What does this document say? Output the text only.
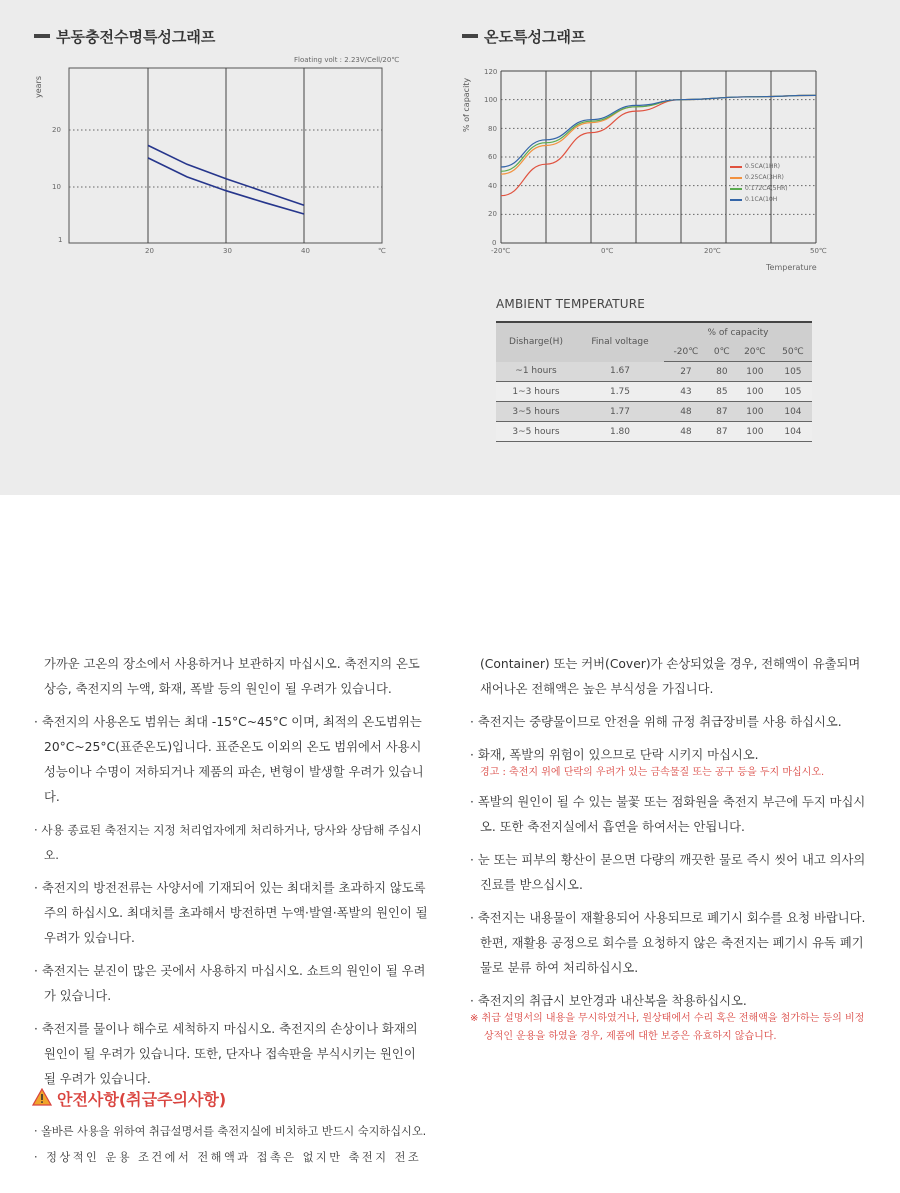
부동충전수명특성그래프
Floating volt : 2.23V/Cell/20℃
years
20
10
1
20	30	40	℃
온도특성그래프
% of capacity
120
100
80
60
40
20
0
-20℃	0℃	20℃	50℃
Temperature
0.5CA(1HR)
0.25CA(3HR)
0.172CA(5HR)
0.1CA(10H
AMBIENT TEMPERATURE
Disharge(H)	Final voltage	% of capacity			
		-20℃	0℃	20℃	50℃
~1 hours	1.67	27	80	100	105
1~3 hours	1.75	43	85	100	105
3~5 hours	1.77	48	87	100	104
3~5 hours	1.80	48	87	100	104

가까운 고온의 장소에서 사용하거나 보관하지 마십시오. 축전지의 온도 상승, 축전지의 누액, 화재, 폭발 등의 원인이 될 우려가 있습니다.

· 축전지의 사용온도 범위는 최대 -15°C~45°C 이며, 최적의 온도범위는 20°C~25°C(표준온도)입니다. 표준온도 이외의 온도 범위에서 사용시 성능이나 수명이 저하되거나 제품의 파손, 변형이 발생할 우려가 있습니다.

· 사용 종료된 축전지는 지정 처리업자에게 처리하거나, 당사와 상담해 주십시오.

· 축전지의 방전전류는 사양서에 기재되어 있는 최대치를 초과하지 않도록 주의 하십시오. 최대치를 초과해서 방전하면 누액·발열·폭발의 원인이 될 우려가 있습니다.

· 축전지는 분진이 많은 곳에서 사용하지 마십시오. 쇼트의 원인이 될 우려가 있습니다.

· 축전지를 물이나 해수로 세척하지 마십시오. 축전지의 손상이나 화재의 원인이 될 우려가 있습니다. 또한, 단자나 접속판을 부식시키는 원인이 될 우려가 있습니다.

(Container) 또는 커버(Cover)가 손상되었을 경우, 전해액이 유출되며 새어나온 전해액은 높은 부식성을 가집니다.

· 축전지는 중량물이므로 안전을 위해 규정 취급장비를 사용 하십시오.

· 화재, 폭발의 위험이 있으므로 단락 시키지 마십시오.

경고 : 축전지 위에 단락의 우려가 있는 금속물질 또는 공구 등을 두지 마십시오.

· 폭발의 원인이 될 수 있는 불꽃 또는 점화원을 축전지 부근에 두지 마십시오. 또한 축전지실에서 흡연을 하여서는 안됩니다.

· 눈 또는 피부의 황산이 묻으면 다량의 깨끗한 물로 즉시 씻어 내고 의사의 진료를 받으십시오.

· 축전지는 내용물이 재활용되어 사용되므로 폐기시 회수를 요청 바랍니다. 한편, 재활용 공정으로 회수를 요청하지 않은 축전지는 폐기시 유독 폐기물로 분류 하여 처리하십시오.

· 축전지의 취급시 보안경과 내산복을 착용하십시오.

※ 취급 설명서의 내용을 무시하였거나, 원상태에서 수리 혹은 전해액을 첨가하는 등의 비정상적인 운용을 하였을 경우, 제품에 대한 보증은 유효하지 않습니다.

안전사항(취급주의사항)
· 올바른 사용을 위하여 취급설명서를 축전지실에 비치하고 반드시 숙지하십시오.
· 정상적인 운용 조건에서 전해액과 접촉은 없지만 축전지 전조
